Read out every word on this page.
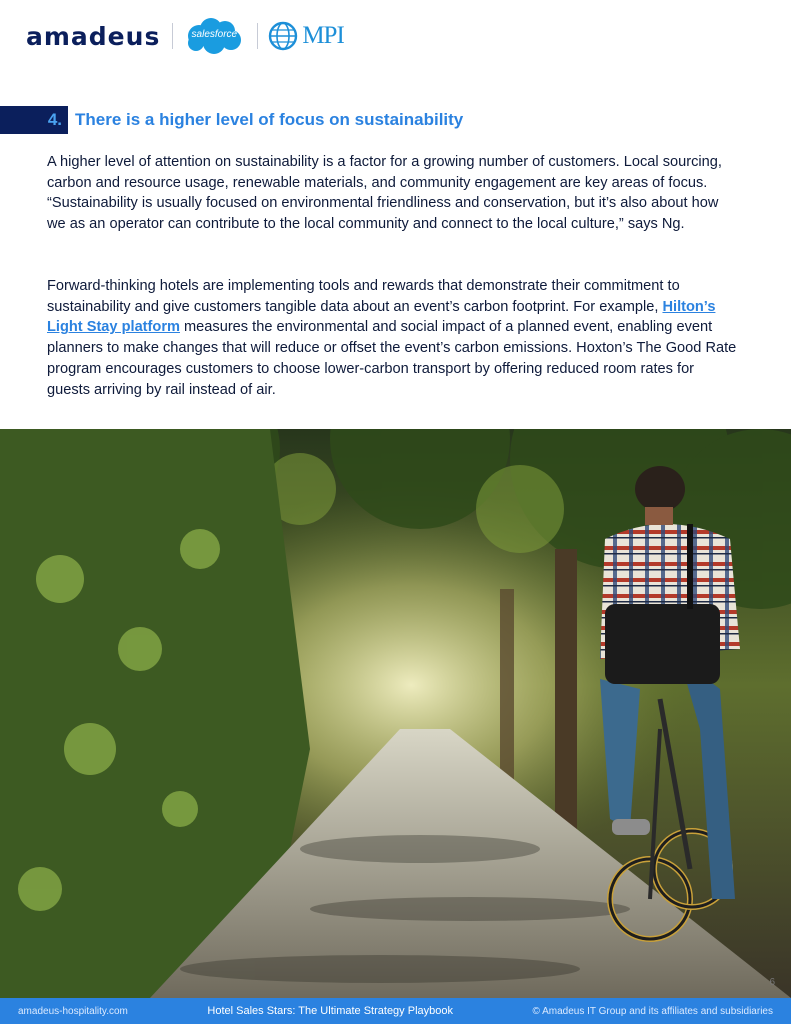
amadeus	salesforce	MPI
4. There is a higher level of focus on sustainability

A higher level of attention on sustainability is a factor for a growing number of customers. Local sourcing, carbon and resource usage, renewable materials, and community engagement are key areas of focus. “Sustainability is usually focused on environmental friendliness and conservation, but it’s also about how we as an operator can contribute to the local community and connect to the local culture,” says Ng.

Forward-thinking hotels are implementing tools and rewards that demonstrate their commitment to sustainability and give customers tangible data about an event’s carbon footprint. For example, Hilton’s Light Stay platform measures the environmental and social impact of a planned event, enabling event planners to make changes that will reduce or offset the event’s carbon emissions. Hoxton’s The Good Rate program encourages customers to choose lower-carbon transport by offering reduced room rates for guests arriving by rail instead of air.

6
amadeus-hospitality.com	Hotel Sales Stars: The Ultimate Strategy Playbook	© Amadeus IT Group and its affiliates and subsidiaries
